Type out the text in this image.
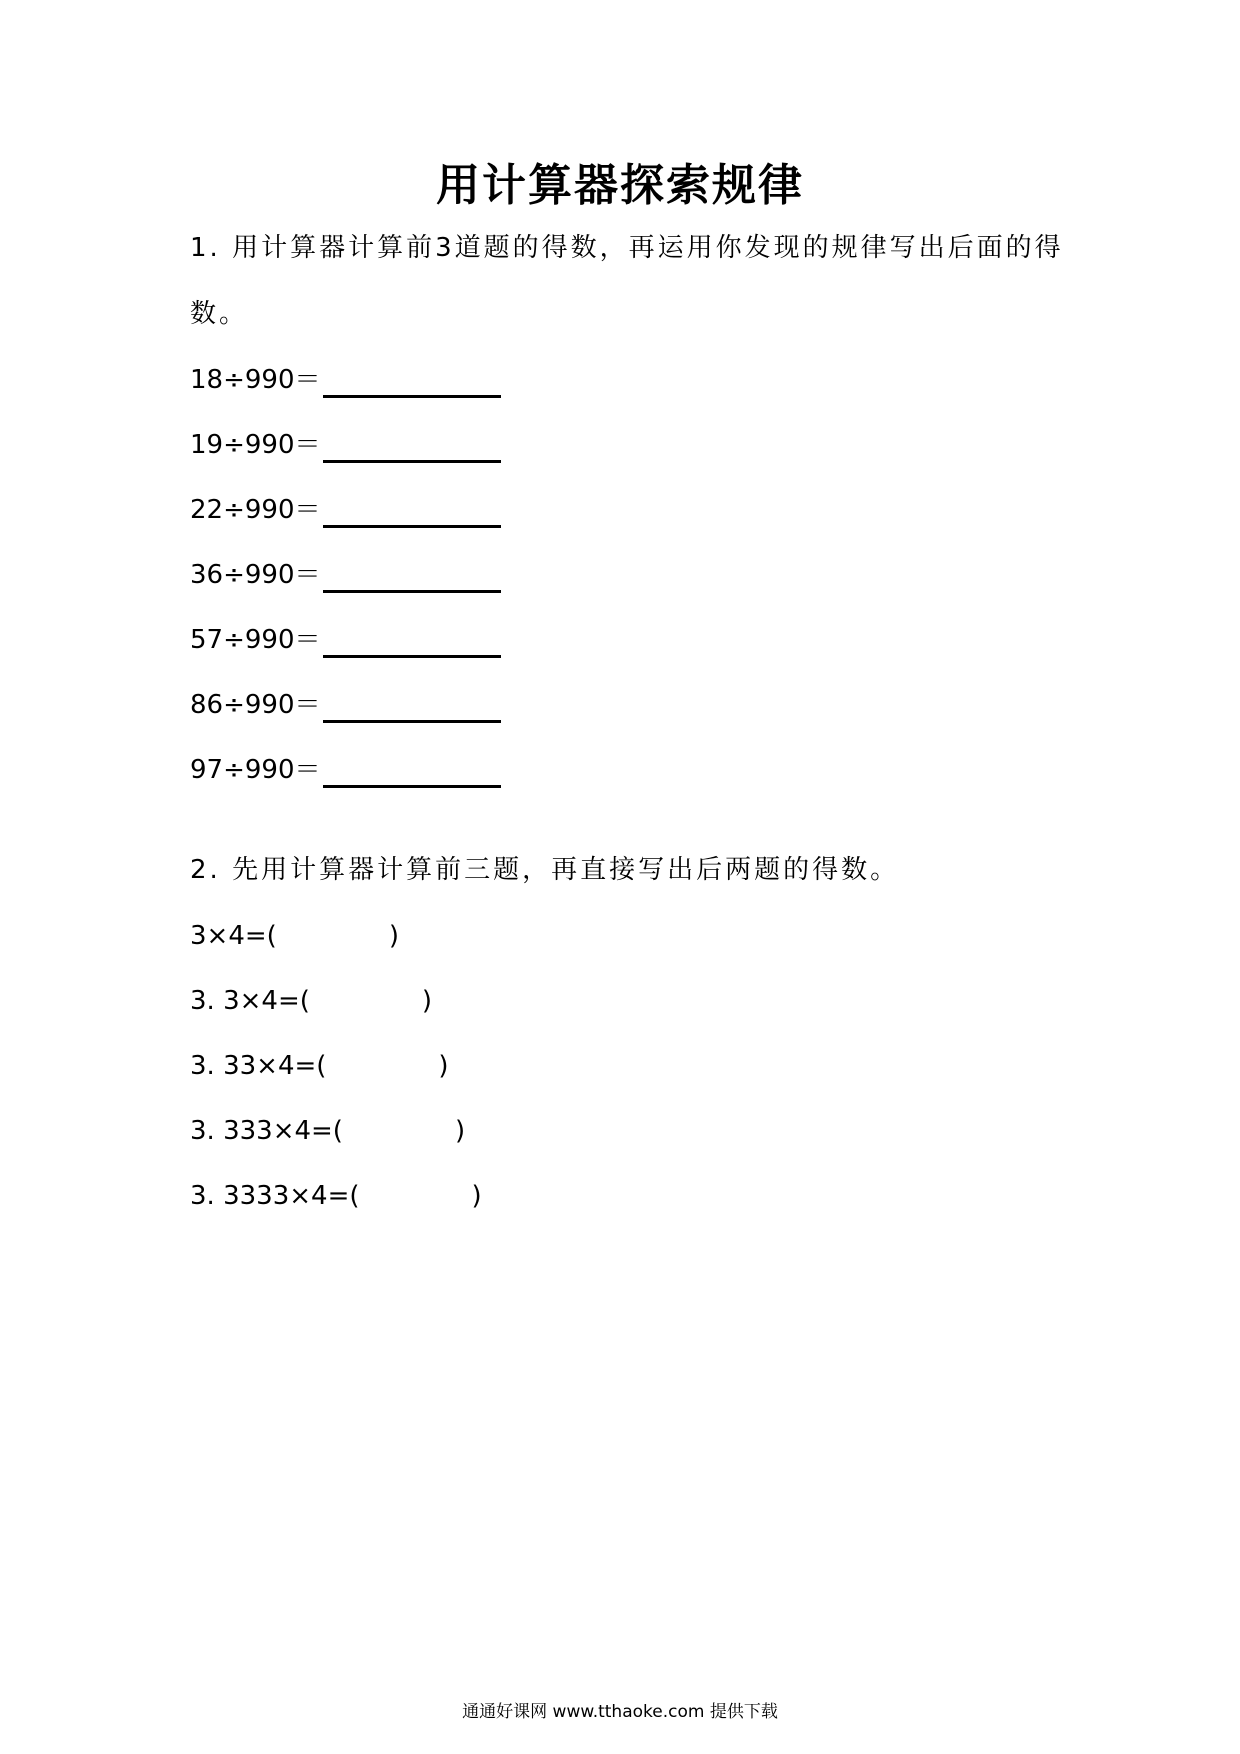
用计算器探索规律
1. 用计算器计算前3道题的得数，再运用你发现的规律写出后面的得
数。
18÷990＝
19÷990＝
22÷990＝
36÷990＝
57÷990＝
86÷990＝
97÷990＝
2. 先用计算器计算前三题，再直接写出后两题的得数。
3×4=(	)
3. 3×4=(	)
3. 33×4=(	)
3. 333×4=(	)
3. 3333×4=(	)
通通好课网 www.tthaoke.com 提供下载
